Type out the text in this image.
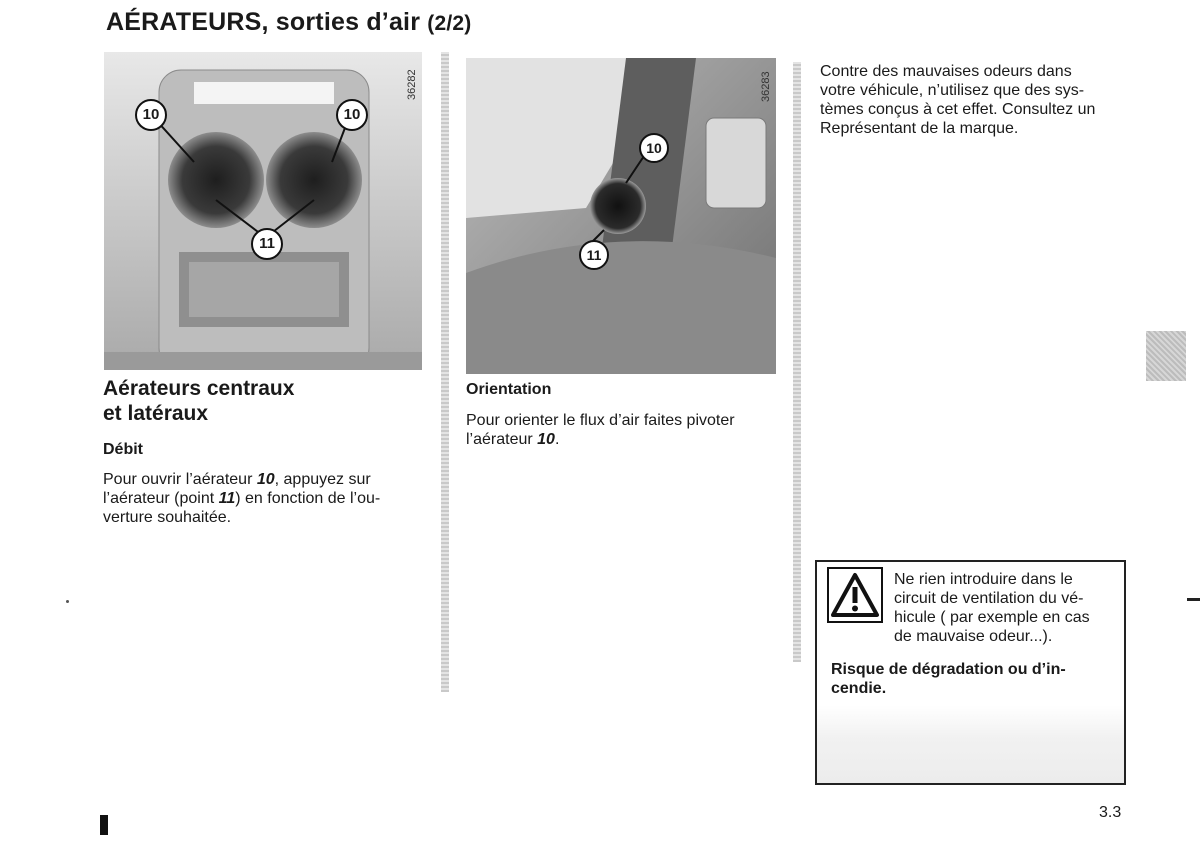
AÉRATEURS, sorties d’air (2/2)
10	10
11
36282
10
11
36283
Aérateurs centraux
et latéraux
Débit
Pour ouvrir l’aérateur 10, appuyez sur
l’aérateur (point 11) en fonction de l’ou-
verture souhaitée.
Orientation
Pour orienter le flux d’air faites pivoter
l’aérateur 10.
Contre des mauvaises odeurs dans
votre véhicule, n’utilisez que des sys-
tèmes conçus à cet effet. Consultez un
Représentant de la marque.
Ne rien introduire dans le
circuit de ventilation du vé-
hicule ( par exemple en cas
de mauvaise odeur...).
Risque de dégradation ou d’in-
cendie.
3.3
